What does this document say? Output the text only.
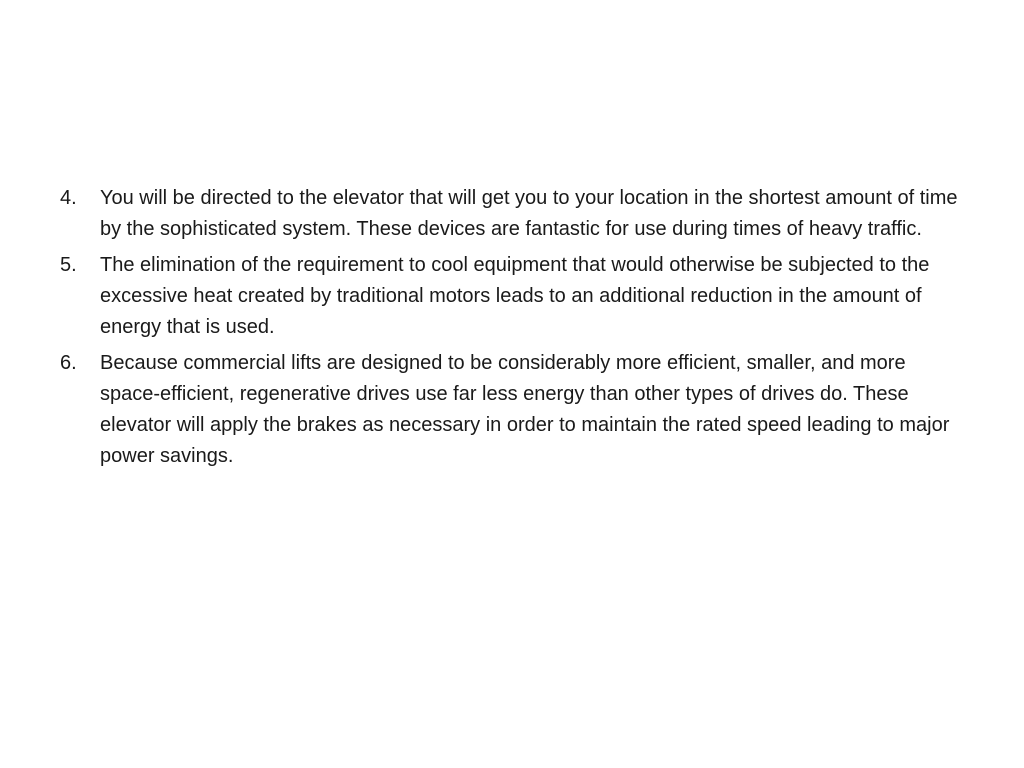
4.	You will be directed to the elevator that will get you to your location in the shortest amount of time by the sophisticated system. These devices are fantastic for use during times of heavy traffic.
5.	The elimination of the requirement to cool equipment that would otherwise be subjected to the excessive heat created by traditional motors leads to an additional reduction in the amount of energy that is used.
6.	Because commercial lifts are designed to be considerably more efficient, smaller, and more space-efficient, regenerative drives use far less energy than other types of drives do. These elevator will apply the brakes as necessary in order to maintain the rated speed leading to major power savings.
